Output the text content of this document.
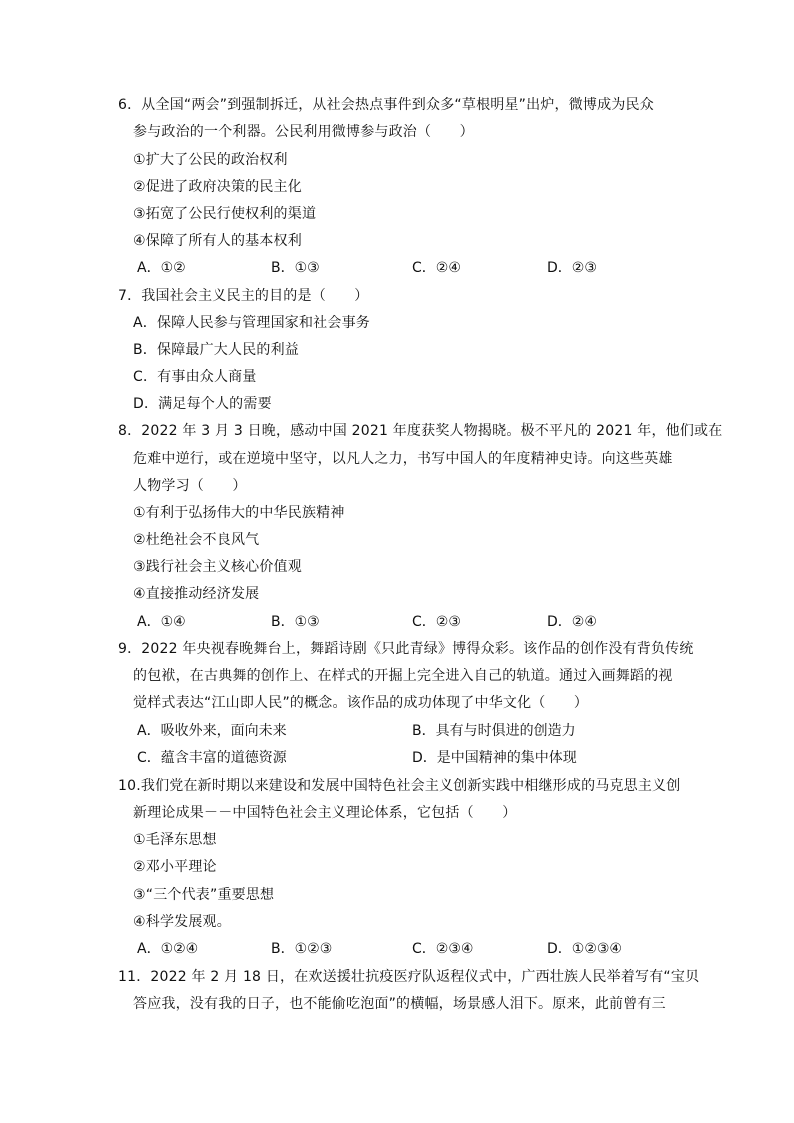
6．从全国“两会”到强制拆迁，从社会热点事件到众多“草根明星”出炉，微博成为民众
参与政治的一个利器。公民利用微博参与政治（　　）
①扩大了公民的政治权利
②促进了政府决策的民主化
③拓宽了公民行使权利的渠道
④保障了所有人的基本权利
A．①②	B．①③	C．②④	D．②③
7．我国社会主义民主的目的是（　　）
A．保障人民参与管理国家和社会事务
B．保障最广大人民的利益
C．有事由众人商量
D．满足每个人的需要
8．2022 年 3 月 3 日晚，感动中国 2021 年度获奖人物揭晓。极不平凡的 2021 年，他们或在
危难中逆行，或在逆境中坚守，以凡人之力，书写中国人的年度精神史诗。向这些英雄
人物学习（　　）
①有利于弘扬伟大的中华民族精神
②杜绝社会不良风气
③践行社会主义核心价值观
④直接推动经济发展
A．①④	B．①③	C．②③	D．②④
9．2022 年央视春晚舞台上，舞蹈诗剧《只此青绿》博得众彩。该作品的创作没有背负传统
的包袱，在古典舞的创作上、在样式的开掘上完全进入自己的轨道。通过入画舞蹈的视
觉样式表达“江山即人民”的概念。该作品的成功体现了中华文化（　　）
A．吸收外来，面向未来	B．具有与时俱进的创造力
C．蕴含丰富的道德资源	D．是中国精神的集中体现
10.我们党在新时期以来建设和发展中国特色社会主义创新实践中相继形成的马克思主义创
新理论成果－－中国特色社会主义理论体系，它包括（　　）
①毛泽东思想
②邓小平理论
③“三个代表”重要思想
④科学发展观。
A．①②④	B．①②③	C．②③④	D．①②③④
11．2022 年 2 月 18 日，在欢送援壮抗疫医疗队返程仪式中，广西壮族人民举着写有“宝贝
答应我，没有我的日子，也不能偷吃泡面”的横幅，场景感人泪下。原来，此前曾有三
